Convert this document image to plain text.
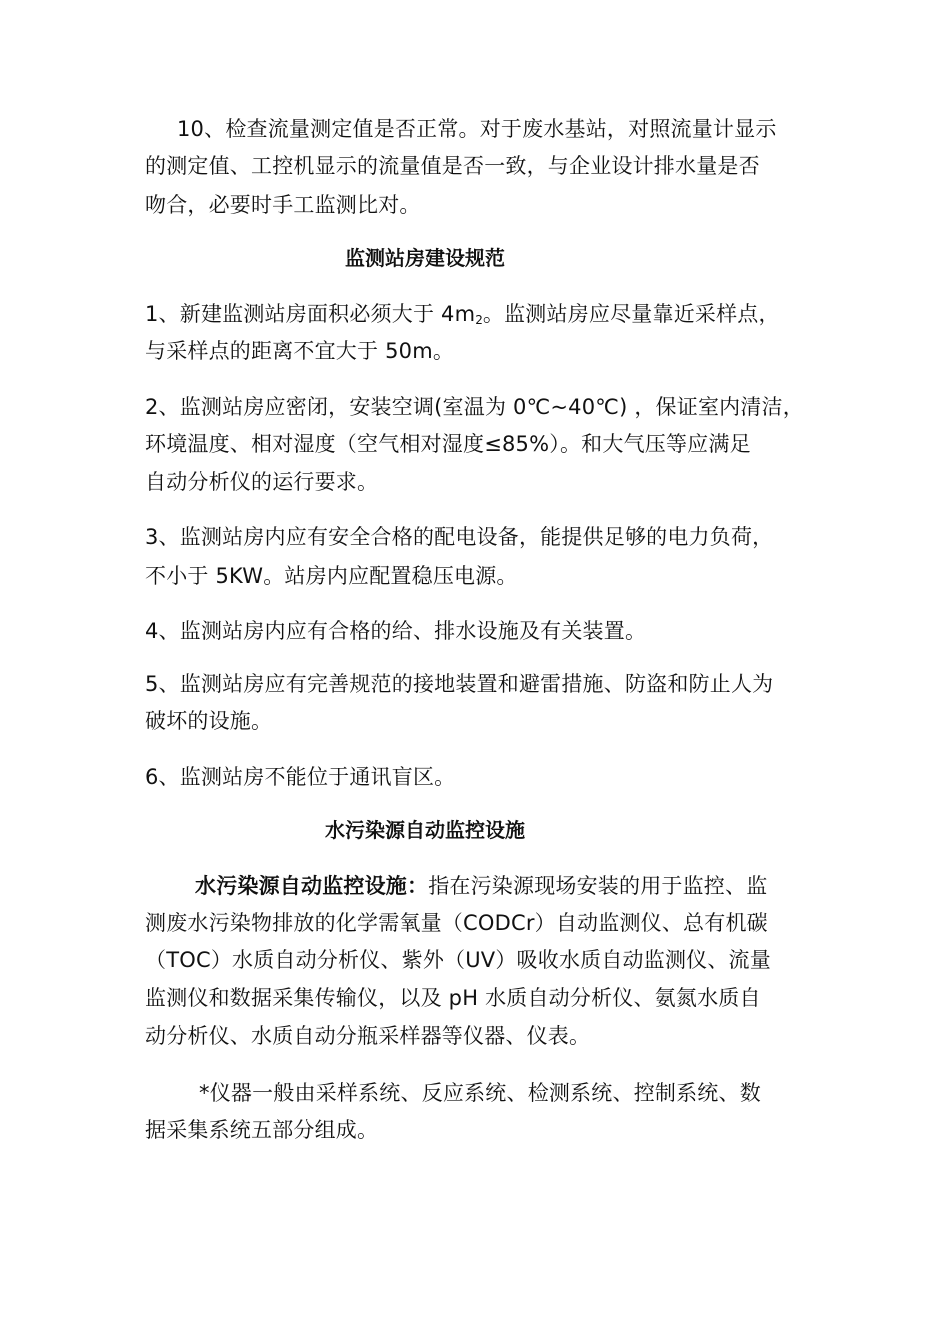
10、检查流量测定值是否正常。对于废水基站，对照流量计显示
的测定值、工控机显示的流量值是否一致，与企业设计排水量是否
吻合，必要时手工监测比对。
监测站房建设规范
1、新建监测站房面积必须大于 $4m_2$。监测站房应尽量靠近采样点，
与采样点的距离不宜大于 50m。
2、监测站房应密闭，安装空调(室温为 0℃~40℃) ，保证室内清洁，
环境温度、相对湿度（空气相对湿度≤85%）。和大气压等应满足
自动分析仪的运行要求。
3、监测站房内应有安全合格的配电设备，能提供足够的电力负荷，
不小于 5KW。站房内应配置稳压电源。
4、监测站房内应有合格的给、排水设施及有关装置。
5、监测站房应有完善规范的接地装置和避雷措施、防盗和防止人为
破坏的设施。
6、监测站房不能位于通讯盲区。
水污染源自动监控设施
水污染源自动监控设施：指在污染源现场安装的用于监控、监
测废水污染物排放的化学需氧量（CODCr）自动监测仪、总有机碳
（TOC）水质自动分析仪、紫外（UV）吸收水质自动监测仪、流量
监测仪和数据采集传输仪，以及 pH 水质自动分析仪、氨氮水质自
动分析仪、水质自动分瓶采样器等仪器、仪表。
*仪器一般由采样系统、反应系统、检测系统、控制系统、数
据采集系统五部分组成。
